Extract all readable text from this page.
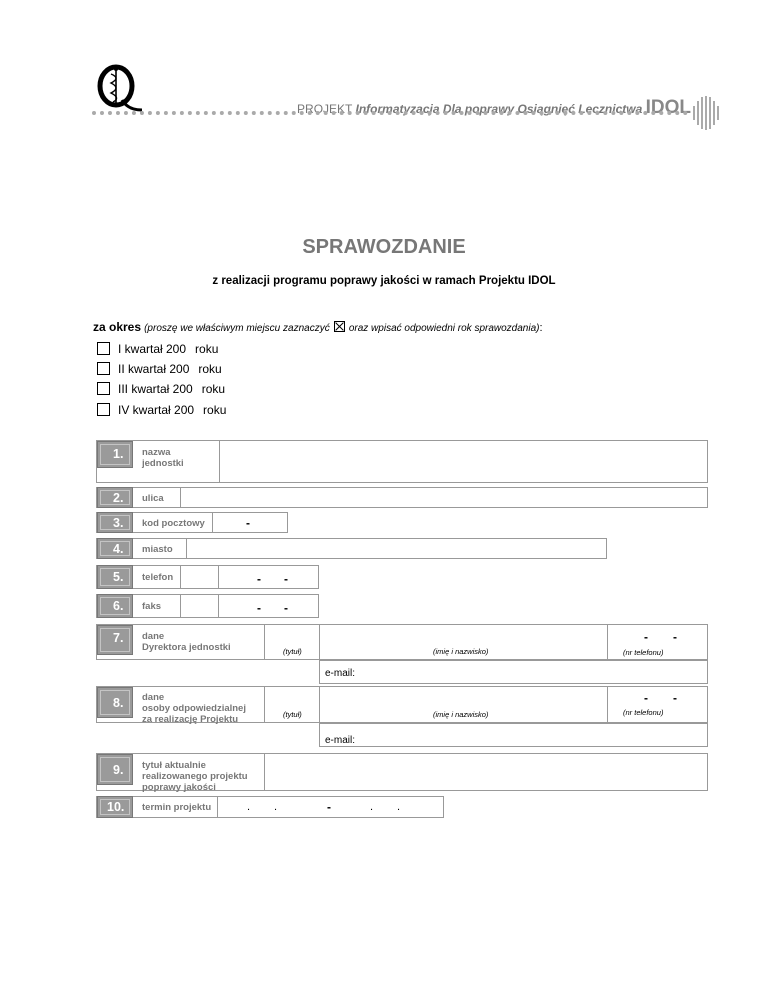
PROJEKT Informatyzacja Dla poprawy Osiągnięć Lecznictwa IDOL
SPRAWOZDANIE
z realizacji programu poprawy jakości w ramach Projektu IDOL
za okres (proszę we właściwym miejscu zaznaczyć oraz wpisać odpowiedni rok sprawozdania):
I kwartał 200 roku
II kwartał 200 roku
III kwartał 200 roku
IV kwartał 200 roku
1.	nazwa
jednostki
2.	ulica
3.	kod pocztowy	-
4.	miasto
5.	telefon	- -
6.	faks	- -
7.	dane
Dyrektora jednostki	(tytuł)	(imię i nazwisko)	(nr telefonu)
- -
e-mail:
8.	dane
osoby odpowiedzialnej
za realizację Projektu	(tytuł)	(imię i nazwisko)	(nr telefonu)
- -
e-mail:
9.	tytuł aktualnie
realizowanego projektu
poprawy jakości
10.	termin projektu	. .	-	. .
